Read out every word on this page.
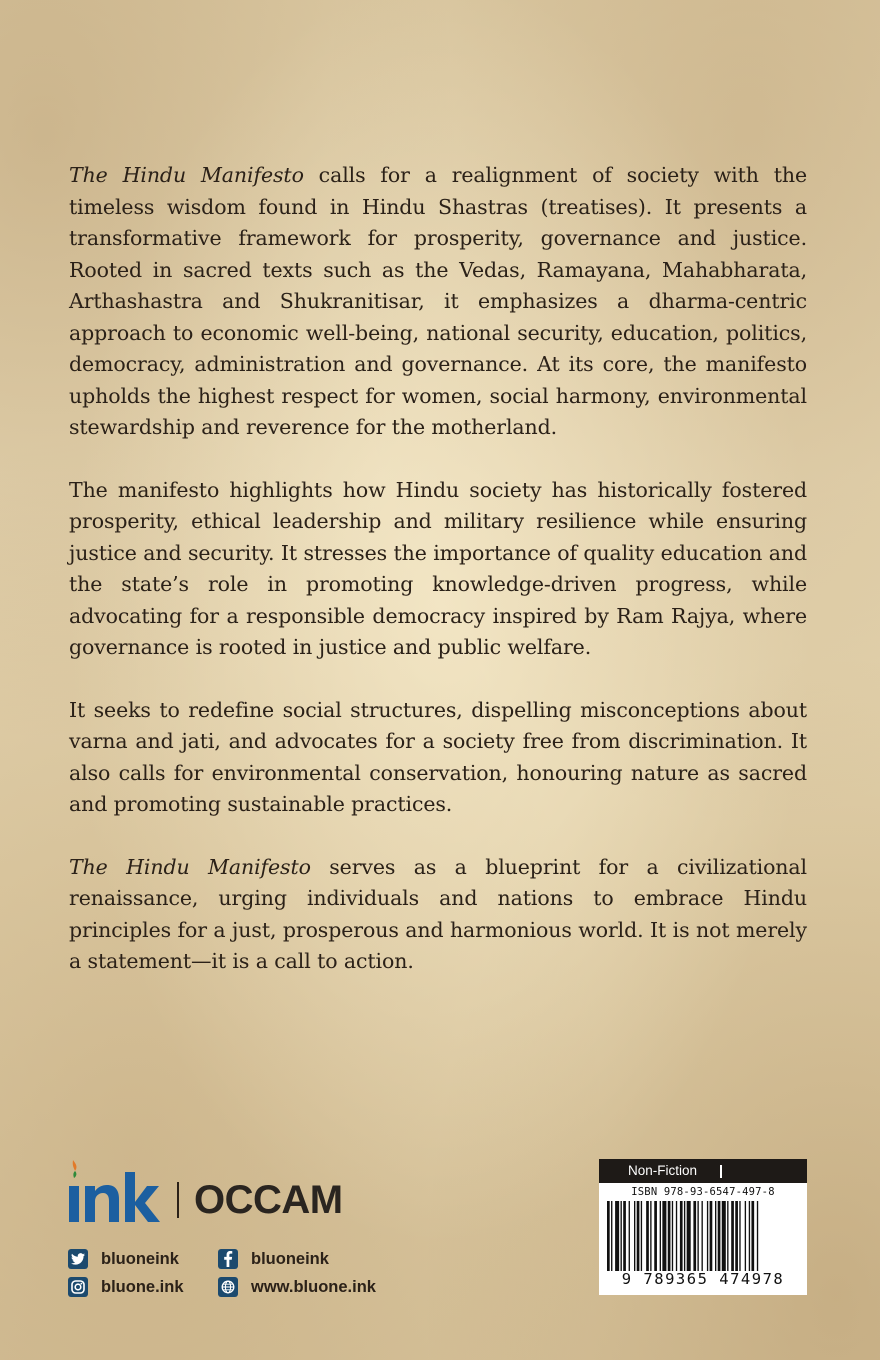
The Hindu Manifesto calls for a realignment of society with the timeless wisdom found in Hindu Shastras (treatises). It presents a transformative framework for prosperity, governance and justice. Rooted in sacred texts such as the Vedas, Ramayana, Mahabharata, Arthashastra and Shukranitisar, it emphasizes a dharma-centric approach to economic well-being, national security, education, politics, democracy, administration and governance. At its core, the manifesto upholds the highest respect for women, social harmony, environmental stewardship and reverence for the motherland.

The manifesto highlights how Hindu society has historically fostered prosperity, ethical leadership and military resilience while ensuring justice and security. It stresses the importance of quality education and the state’s role in promoting knowledge-driven progress, while advocating for a responsible democracy inspired by Ram Rajya, where governance is rooted in justice and public welfare.

It seeks to redefine social structures, dispelling misconceptions about varna and jati, and advocates for a society free from discrimination. It also calls for environmental conservation, honouring nature as sacred and promoting sustainable practices.

The Hindu Manifesto serves as a blueprint for a civilizational renaissance, urging individuals and nations to embrace Hindu principles for a just, prosperous and harmonious world. It is not merely a statement—it is a call to action.

OCCAM
bluoneink	bluoneink
bluone.ink	www.bluone.ink
Non-Fiction
ISBN 978-93-6547-497-8
9 789365 474978
